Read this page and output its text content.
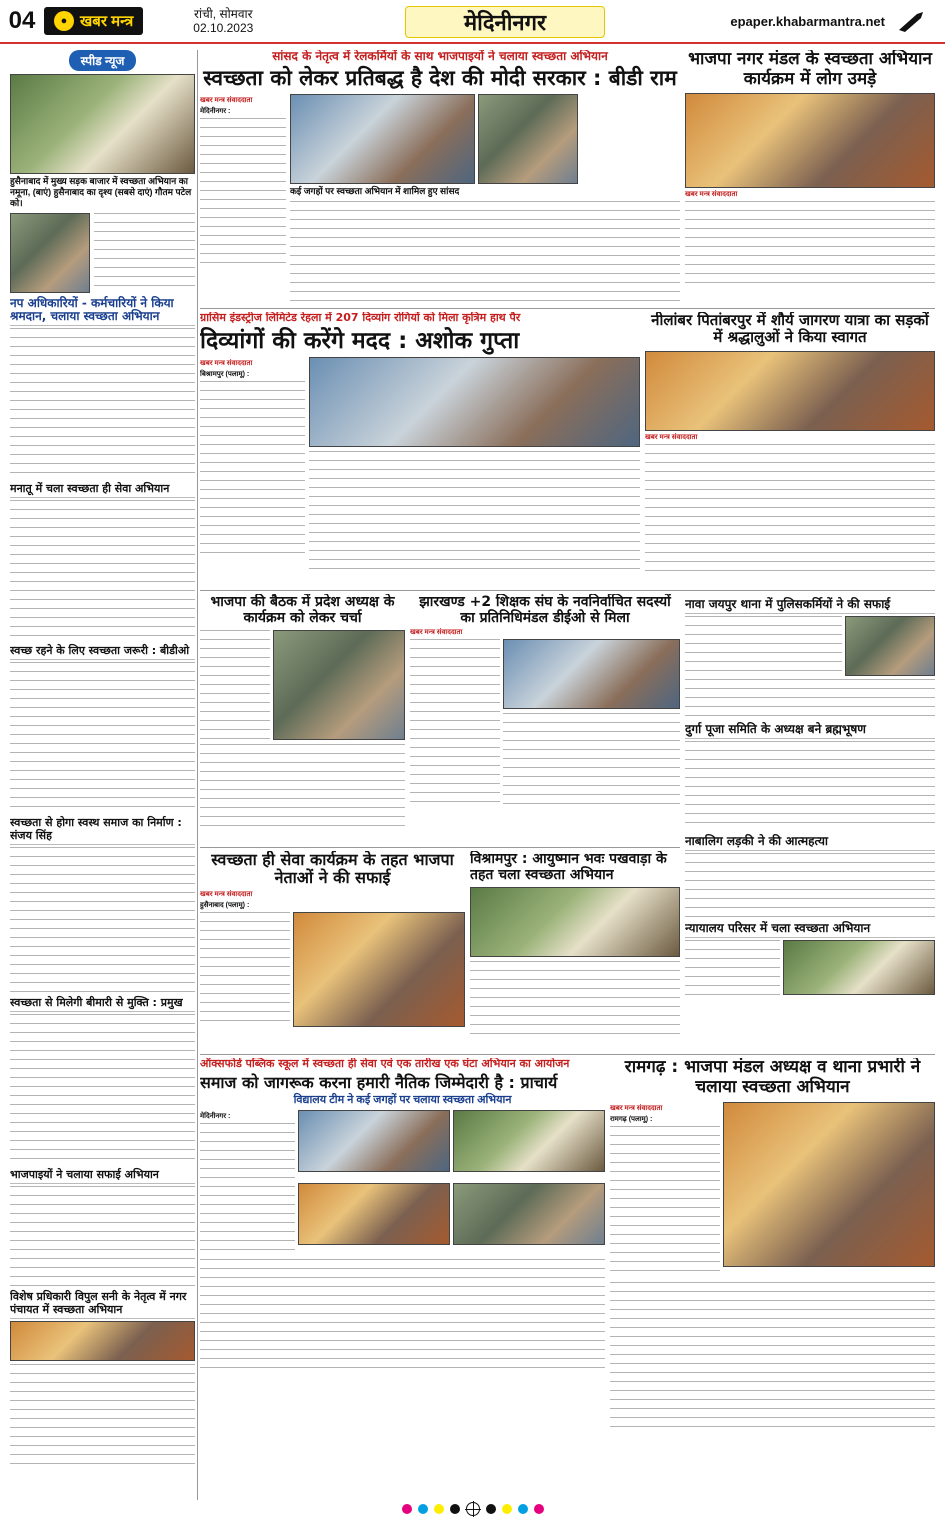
04	● खबर मन्त्र	रांची, सोमवार
02.10.2023	मेदिनीनगर	epaper.khabarmantra.net
स्पीड न्यूज
हुसैनाबाद में मुख्य सड़क बाजार में स्वच्छता अभियान का नमूना, (बाएं) हुसैनाबाद का दृश्य (सबसे दाएं) गौतम पटेल को।
नप अधिकारियों - कर्मचारियों ने किया श्रमदान, चलाया स्वच्छता अभियान
मनातू में चला स्वच्छता ही सेवा अभियान
स्वच्छ रहने के लिए स्वच्छता जरूरी : बीडीओ
स्वच्छता से होगा स्वस्थ समाज का निर्माण : संजय सिंह
स्वच्छता से मिलेगी बीमारी से मुक्ति : प्रमुख
भाजपाइयों ने चलाया सफाई अभियान
विशेष प्रधिकारी विपुल सनी के नेतृत्व में नगर पंचायत में स्वच्छता अभियान
सांसद के नेतृत्व में रेलकर्मियों के साथ भाजपाइयों ने चलाया स्वच्छता अभियान
स्वच्छता को लेकर प्रतिबद्ध है देश की मोदी सरकार : बीडी राम
खबर मन्त्र संवाददाता
मेदिनीनगर :
कई जगहों पर स्वच्छता अभियान में शामिल हुए सांसद
भाजपा नगर मंडल के स्वच्छता अभियान कार्यक्रम में लोग उमड़े
खबर मन्त्र संवाददाता
ग्रासिम इंडस्ट्रीज लिमिटेड रेहला में 207 दिव्यांग रोगियों को मिला कृत्रिम हाथ पैर
दिव्यांगों की करेंगे मदद : अशोक गुप्ता
खबर मन्त्र संवाददाता
बिश्रामपुर (पलामू) :
नीलांबर पितांबरपुर में शौर्य जागरण यात्रा का सड़कों में श्रद्धालुओं ने किया स्वागत
खबर मन्त्र संवाददाता
भाजपा की बैठक में प्रदेश अध्यक्ष के कार्यक्रम को लेकर चर्चा
झारखण्ड +2 शिक्षक संघ के नवनिर्वाचित सदस्यों का प्रतिनिधिमंडल डीईओ से मिला
खबर मन्त्र संवाददाता
नावा जयपुर थाना में पुलिसकर्मियों ने की सफाई
दुर्गा पूजा समिति के अध्यक्ष बने ब्रह्मभूषण
नाबालिग लड़की ने की आत्महत्या
न्यायालय परिसर में चला स्वच्छता अभियान
स्वच्छता ही सेवा कार्यक्रम के तहत भाजपा नेताओं ने की सफाई
खबर मन्त्र संवाददाता
हुसैनाबाद (पलामू) :
विश्रामपुर : आयुष्मान भवः पखवाड़ा के तहत चला स्वच्छता अभियान
ऑक्सफोर्ड पब्लिक स्कूल में स्वच्छता ही सेवा एवं एक तारीख एक घंटा अभियान का आयोजन
समाज को जागरूक करना हमारी नैतिक जिम्मेदारी है : प्राचार्य
विद्यालय टीम ने कई जगहों पर चलाया स्वच्छता अभियान
मेदिनीनगर :
रामगढ़ : भाजपा मंडल अध्यक्ष व थाना प्रभारी ने चलाया स्वच्छता अभियान
खबर मन्त्र संवाददाता
रामगढ़ (पलामू) :
